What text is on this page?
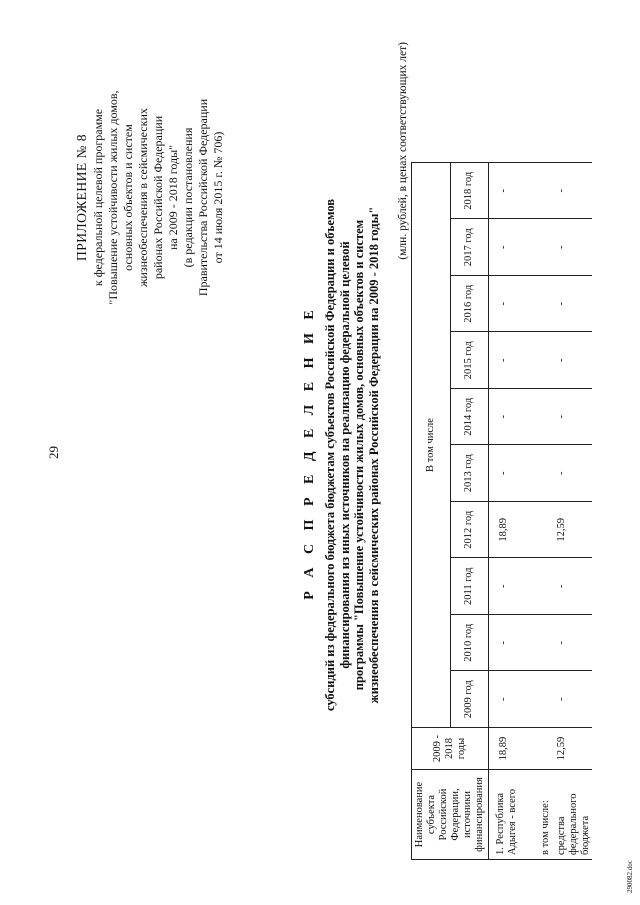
29
ПРИЛОЖЕНИЕ № 8 к федеральной целевой программе "Повышение устойчивости жилых домов, основных объектов и систем жизнеобеспечения в сейсмических районах Российской Федерации на 2009 - 2018 годы" (в редакции постановления Правительства Российской Федерации от 14 июля 2015 г. № 706)
Р А С П Р Е Д Е Л Е Н И Е субсидий из федерального бюджета бюджетам субъектов Российской Федерации и объемов финансирования из иных источников на реализацию федеральной целевой программы "Повышение устойчивости жилых домов, основных объектов и систем жизнеобеспечения в сейсмических районах Российской Федерации на 2009 - 2018 годы"
(млн. рублей, в ценах соответствующих лет)
Наименование субъекта Российской Федерации, источники финансирования	2009 - 2018 годы	В том числе									
		2009 год	2010 год	2011 год	2012 год	2013 год	2014 год	2015 год	2016 год	2017 год	2018 год
1. Республика Адыгея - всего	18,89	-	-	-	18,89	-	-	-	-	-	-
в том числе:											
средства федерального бюджета	12,59	-	-	-	12,59	-	-	-	-	-	-
290082.doc
